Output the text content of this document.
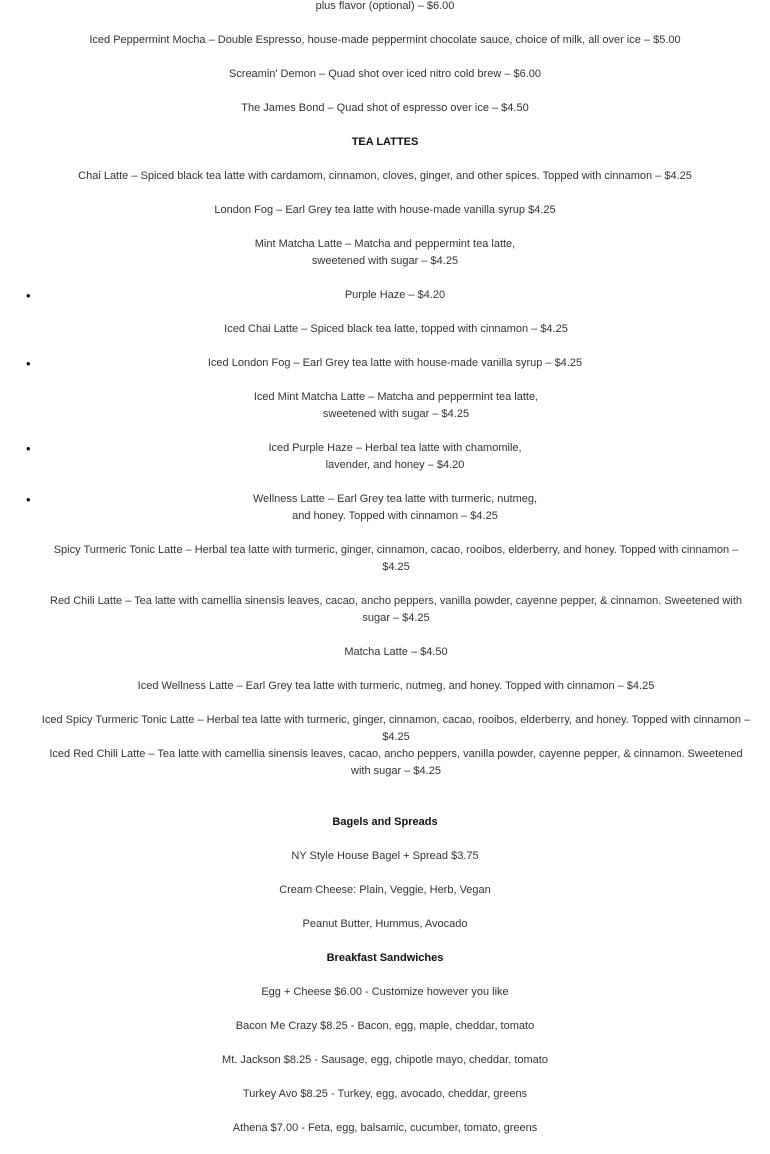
plus flavor (optional) – $6.00

Iced Peppermint Mocha – Double Espresso, house-made peppermint chocolate sauce, choice of milk, all over ice – $5.00

Screamin' Demon – Quad shot over iced nitro cold brew – $6.00

The James Bond – Quad shot of espresso over ice – $4.50

TEA LATTES

Chai Latte – Spiced black tea latte with cardamom, cinnamon, cloves, ginger, and other spices. Topped with cinnamon – $4.25

London Fog – Earl Grey tea latte with house-made vanilla syrup $4.25

Mint Matcha Latte – Matcha and peppermint tea latte,
sweetened with sugar – $4.25

•	Purple Haze – $4.20

Iced Chai Latte – Spiced black tea latte, topped with cinnamon – $4.25

•	Iced London Fog – Earl Grey tea latte with house-made vanilla syrup – $4.25

Iced Mint Matcha Latte – Matcha and peppermint tea latte,
sweetened with sugar – $4.25

•	Iced Purple Haze – Herbal tea latte with chamomile,
lavender, and honey – $4.20
•	Wellness Latte – Earl Grey tea latte with turmeric, nutmeg,
and honey. Topped with cinnamon – $4.25

Spicy Turmeric Tonic Latte – Herbal tea latte with turmeric, ginger, cinnamon, cacao, rooibos, elderberry, and honey. Topped with cinnamon – $4.25

Red Chili Latte – Tea latte with camellia sinensis leaves, cacao, ancho peppers, vanilla powder, cayenne pepper, & cinnamon. Sweetened with sugar – $4.25

Matcha Latte – $4.50

Iced Wellness Latte – Earl Grey tea latte with turmeric, nutmeg, and honey. Topped with cinnamon – $4.25

Iced Spicy Turmeric Tonic Latte – Herbal tea latte with turmeric, ginger, cinnamon, cacao, rooibos, elderberry, and honey. Topped with cinnamon – $4.25

Iced Red Chili Latte – Tea latte with camellia sinensis leaves, cacao, ancho peppers, vanilla powder, cayenne pepper, & cinnamon. Sweetened with sugar – $4.25

Bagels and Spreads

NY Style House Bagel + Spread $3.75

Cream Cheese: Plain, Veggie, Herb, Vegan

Peanut Butter, Hummus, Avocado

Breakfast Sandwiches

Egg + Cheese $6.00 - Customize however you like

Bacon Me Crazy $8.25 - Bacon, egg, maple, cheddar, tomato

Mt. Jackson $8.25 - Sausage, egg, chipotle mayo, cheddar, tomato

Turkey Avo $8.25 - Turkey, egg, avocado, cheddar, greens

Athena $7.00 - Feta, egg, balsamic, cucumber, tomato, greens
